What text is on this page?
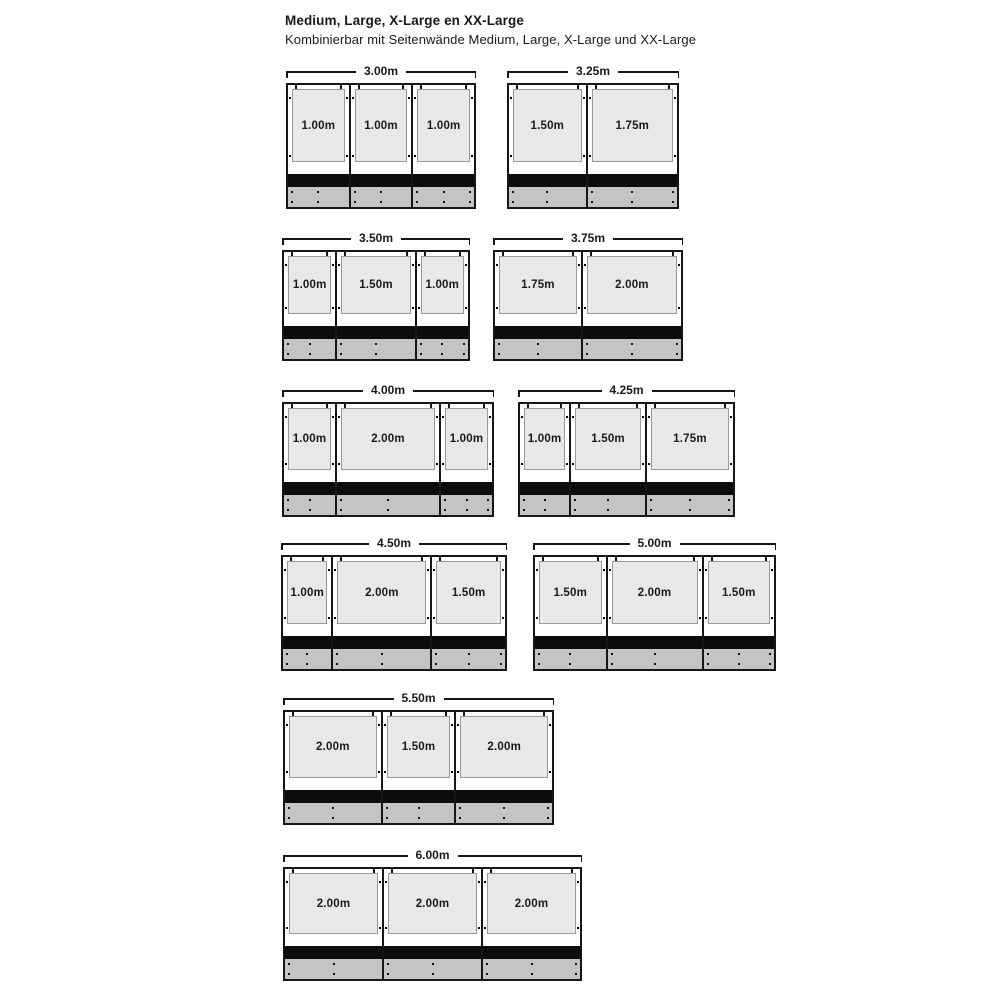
Medium, Large, X-Large en XX-Large

Kombinierbar mit Seitenwände Medium, Large, X-Large und XX-Large

3.00m
1.00m	1.00m	1.00m
3.25m
1.50m	1.75m
3.50m
1.00m	1.50m	1.00m
3.75m
1.75m	2.00m
4.00m
1.00m	2.00m	1.00m
4.25m
1.00m	1.50m	1.75m
4.50m
1.00m	2.00m	1.50m
5.00m
1.50m	2.00m	1.50m
5.50m
2.00m	1.50m	2.00m
6.00m
2.00m	2.00m	2.00m
